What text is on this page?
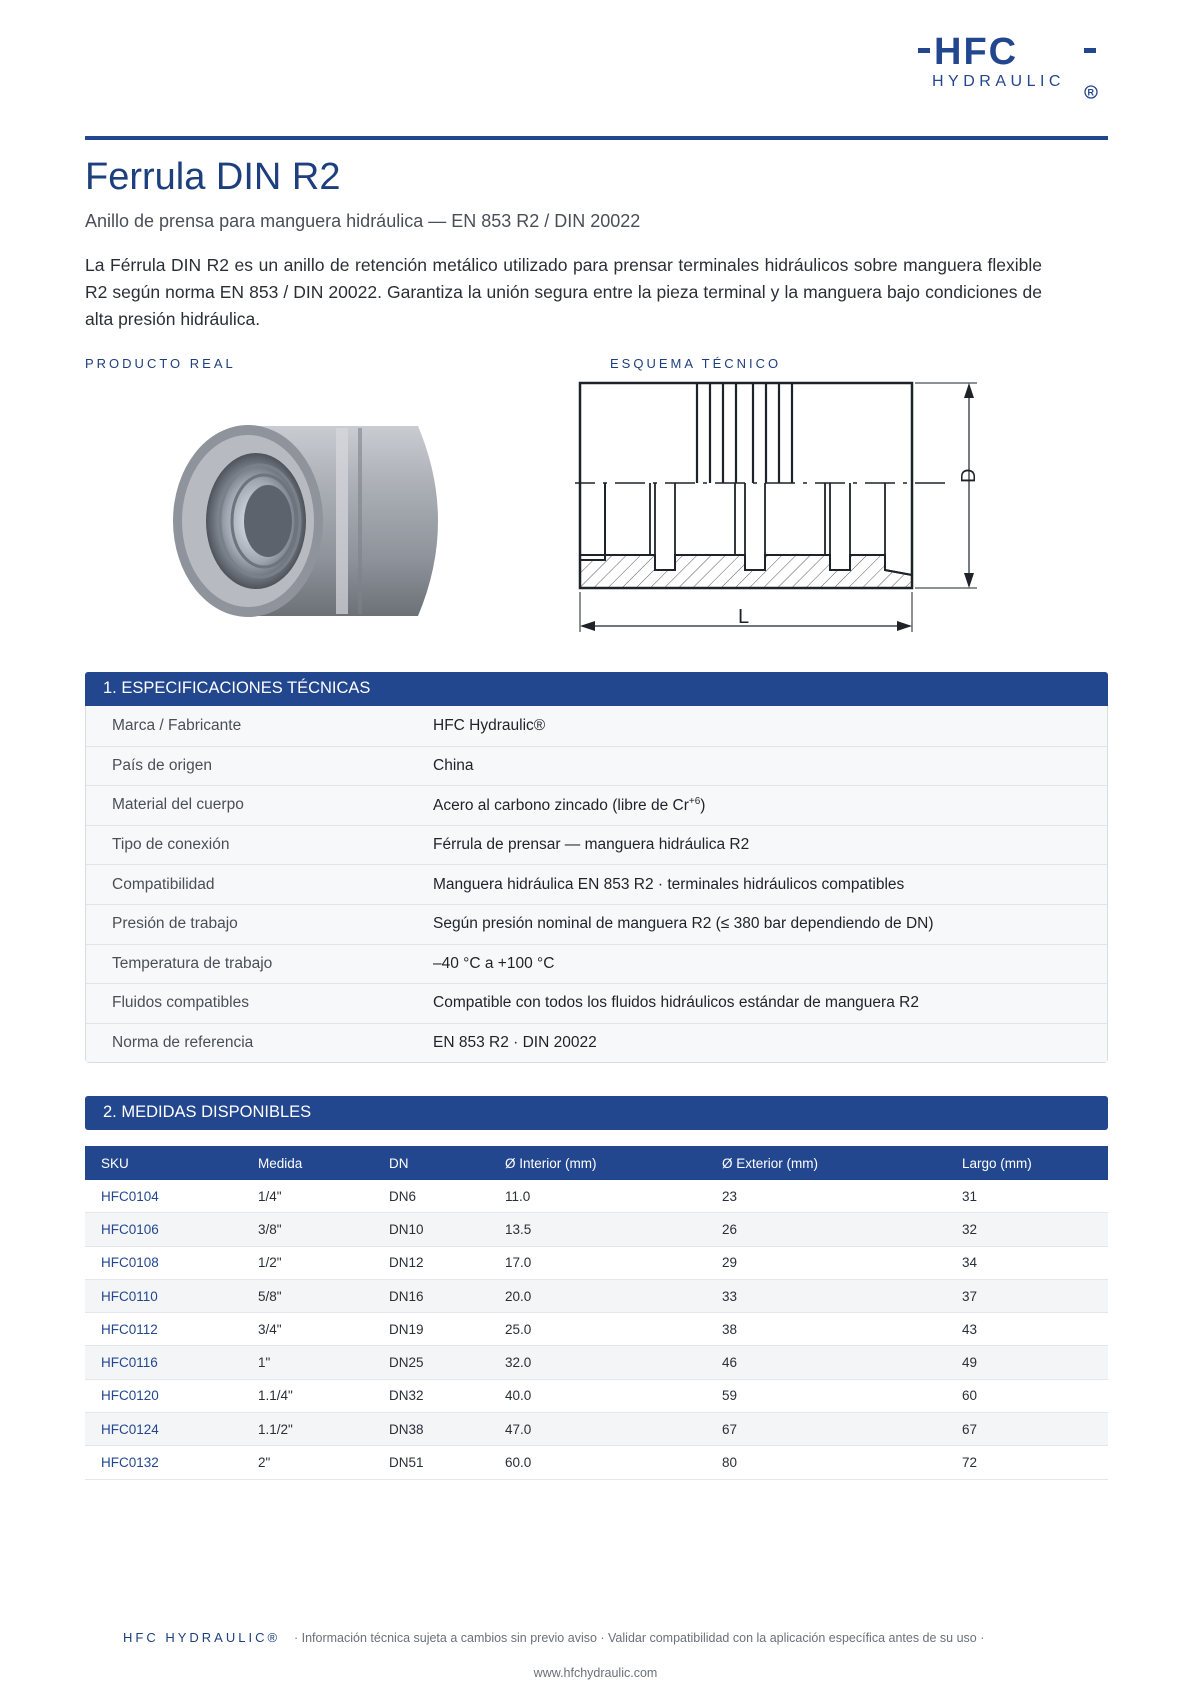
HFC
HYDRAULIC
R
Ferrula DIN R2
Anillo de prensa para manguera hidráulica — EN 853 R2 / DIN 20022

La Férrula DIN R2 es un anillo de retención metálico utilizado para prensar terminales hidráulicos sobre manguera flexible R2 según norma EN 853 / DIN 20022. Garantiza la unión segura entre la pieza terminal y la manguera bajo condiciones de alta presión hidráulica.

PRODUCTO REAL	ESQUEMA TÉCNICO
D
L
1. ESPECIFICACIONES TÉCNICAS
Marca / Fabricante	HFC Hydraulic®
País de origen	China
Material del cuerpo	Acero al carbono zincado (libre de $Cr^{+6}$)
Tipo de conexión	Férrula de prensar — manguera hidráulica R2
Compatibilidad	Manguera hidráulica EN 853 R2 · terminales hidráulicos compatibles
Presión de trabajo	Según presión nominal de manguera R2 (≤ 380 bar dependiendo de DN)
Temperatura de trabajo	–40 °C a +100 °C
Fluidos compatibles	Compatible con todos los fluidos hidráulicos estándar de manguera R2
Norma de referencia	EN 853 R2 · DIN 20022
2. MEDIDAS DISPONIBLES
SKU	Medida	DN	Ø Interior (mm)	Ø Exterior (mm)	Largo (mm)
HFC0104	1/4"	DN6	11.0	23	31
HFC0106	3/8"	DN10	13.5	26	32
HFC0108	1/2"	DN12	17.0	29	34
HFC0110	5/8"	DN16	20.0	33	37
HFC0112	3/4"	DN19	25.0	38	43
HFC0116	1"	DN25	32.0	46	49
HFC0120	1.1/4"	DN32	40.0	59	60
HFC0124	1.1/2"	DN38	47.0	67	67
HFC0132	2"	DN51	60.0	80	72
HFC HYDRAULIC® · Información técnica sujeta a cambios sin previo aviso · Validar compatibilidad con la aplicación específica antes de su uso ·
www.hfchydraulic.com
